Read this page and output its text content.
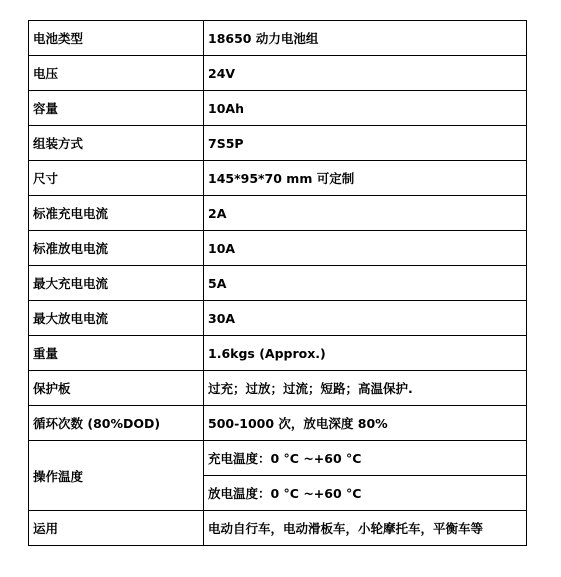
电池类型	18650 动力电池组
电压	24V
容量	10Ah
组装方式	7S5P
尺寸	145*95*70 mm 可定制
标准充电电流	2A
标准放电电流	10A
最大充电电流	5A
最大放电电流	30A
重量	1.6kgs (Approx.)
保护板	过充；过放；过流；短路；高温保护.
循环次数 (80%DOD)	500-1000 次，放电深度 80%
操作温度	充电温度：0 °C ~+60 °C
	放电温度：0 °C ~+60 °C
运用	电动自行车，电动滑板车，小轮摩托车，平衡车等
